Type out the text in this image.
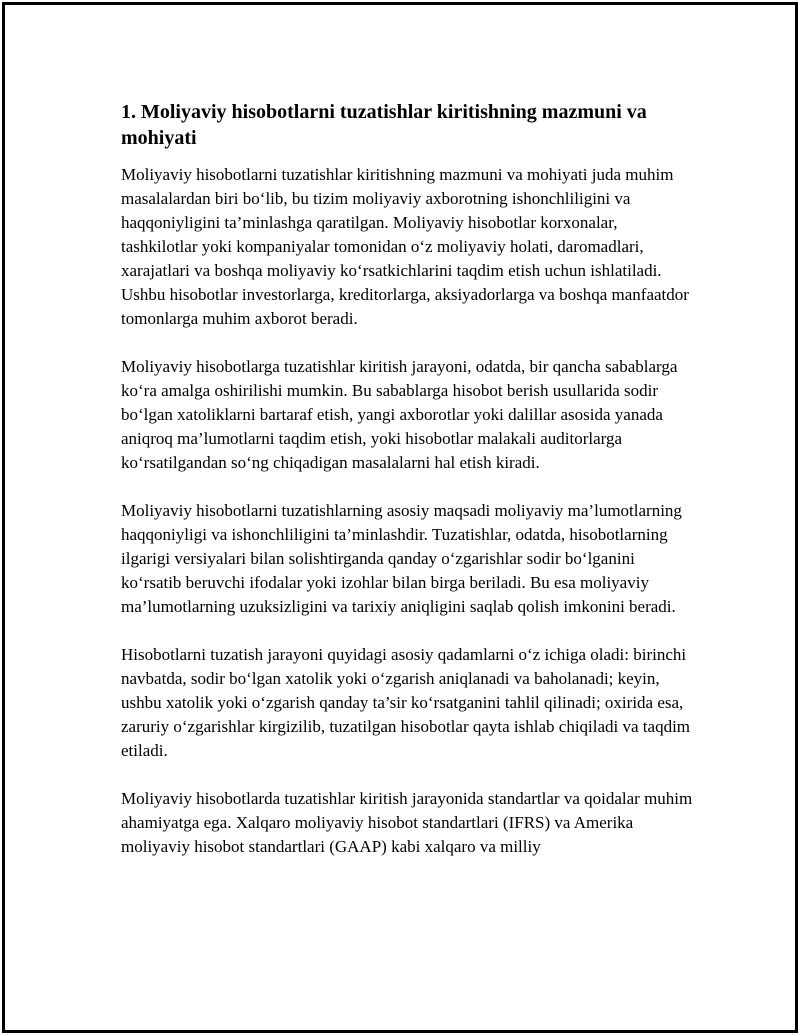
1. Moliyaviy hisobotlarni tuzatishlar kiritishning mazmuni va mohiyati

Moliyaviy hisobotlarni tuzatishlar kiritishning mazmuni va mohiyati juda muhim masalalardan biri bo‘lib, bu tizim moliyaviy axborotning ishonchliligini va haqqoniyligini ta’minlashga qaratilgan. Moliyaviy hisobotlar korxonalar, tashkilotlar yoki kompaniyalar tomonidan o‘z moliyaviy holati, daromadlari, xarajatlari va boshqa moliyaviy ko‘rsatkichlarini taqdim etish uchun ishlatiladi. Ushbu hisobotlar investorlarga, kreditorlarga, aksiyadorlarga va boshqa manfaatdor tomonlarga muhim axborot beradi.

Moliyaviy hisobotlarga tuzatishlar kiritish jarayoni, odatda, bir qancha sabablarga ko‘ra amalga oshirilishi mumkin. Bu sabablarga hisobot berish usullarida sodir bo‘lgan xatoliklarni bartaraf etish, yangi axborotlar yoki dalillar asosida yanada aniqroq ma’lumotlarni taqdim etish, yoki hisobotlar malakali auditorlarga ko‘rsatilgandan so‘ng chiqadigan masalalarni hal etish kiradi.

Moliyaviy hisobotlarni tuzatishlarning asosiy maqsadi moliyaviy ma’lumotlarning haqqoniyligi va ishonchliligini ta’minlashdir. Tuzatishlar, odatda, hisobotlarning ilgarigi versiyalari bilan solishtirganda qanday o‘zgarishlar sodir bo‘lganini ko‘rsatib beruvchi ifodalar yoki izohlar bilan birga beriladi. Bu esa moliyaviy ma’lumotlarning uzuksizligini va tarixiy aniqligini saqlab qolish imkonini beradi.

Hisobotlarni tuzatish jarayoni quyidagi asosiy qadamlarni o‘z ichiga oladi: birinchi navbatda, sodir bo‘lgan xatolik yoki o‘zgarish aniqlanadi va baholanadi; keyin, ushbu xatolik yoki o‘zgarish qanday ta’sir ko‘rsatganini tahlil qilinadi; oxirida esa, zaruriy o‘zgarishlar kirgizilib, tuzatilgan hisobotlar qayta ishlab chiqiladi va taqdim etiladi.

Moliyaviy hisobotlarda tuzatishlar kiritish jarayonida standartlar va qoidalar muhim ahamiyatga ega. Xalqaro moliyaviy hisobot standartlari (IFRS) va Amerika moliyaviy hisobot standartlari (GAAP) kabi xalqaro va milliy
